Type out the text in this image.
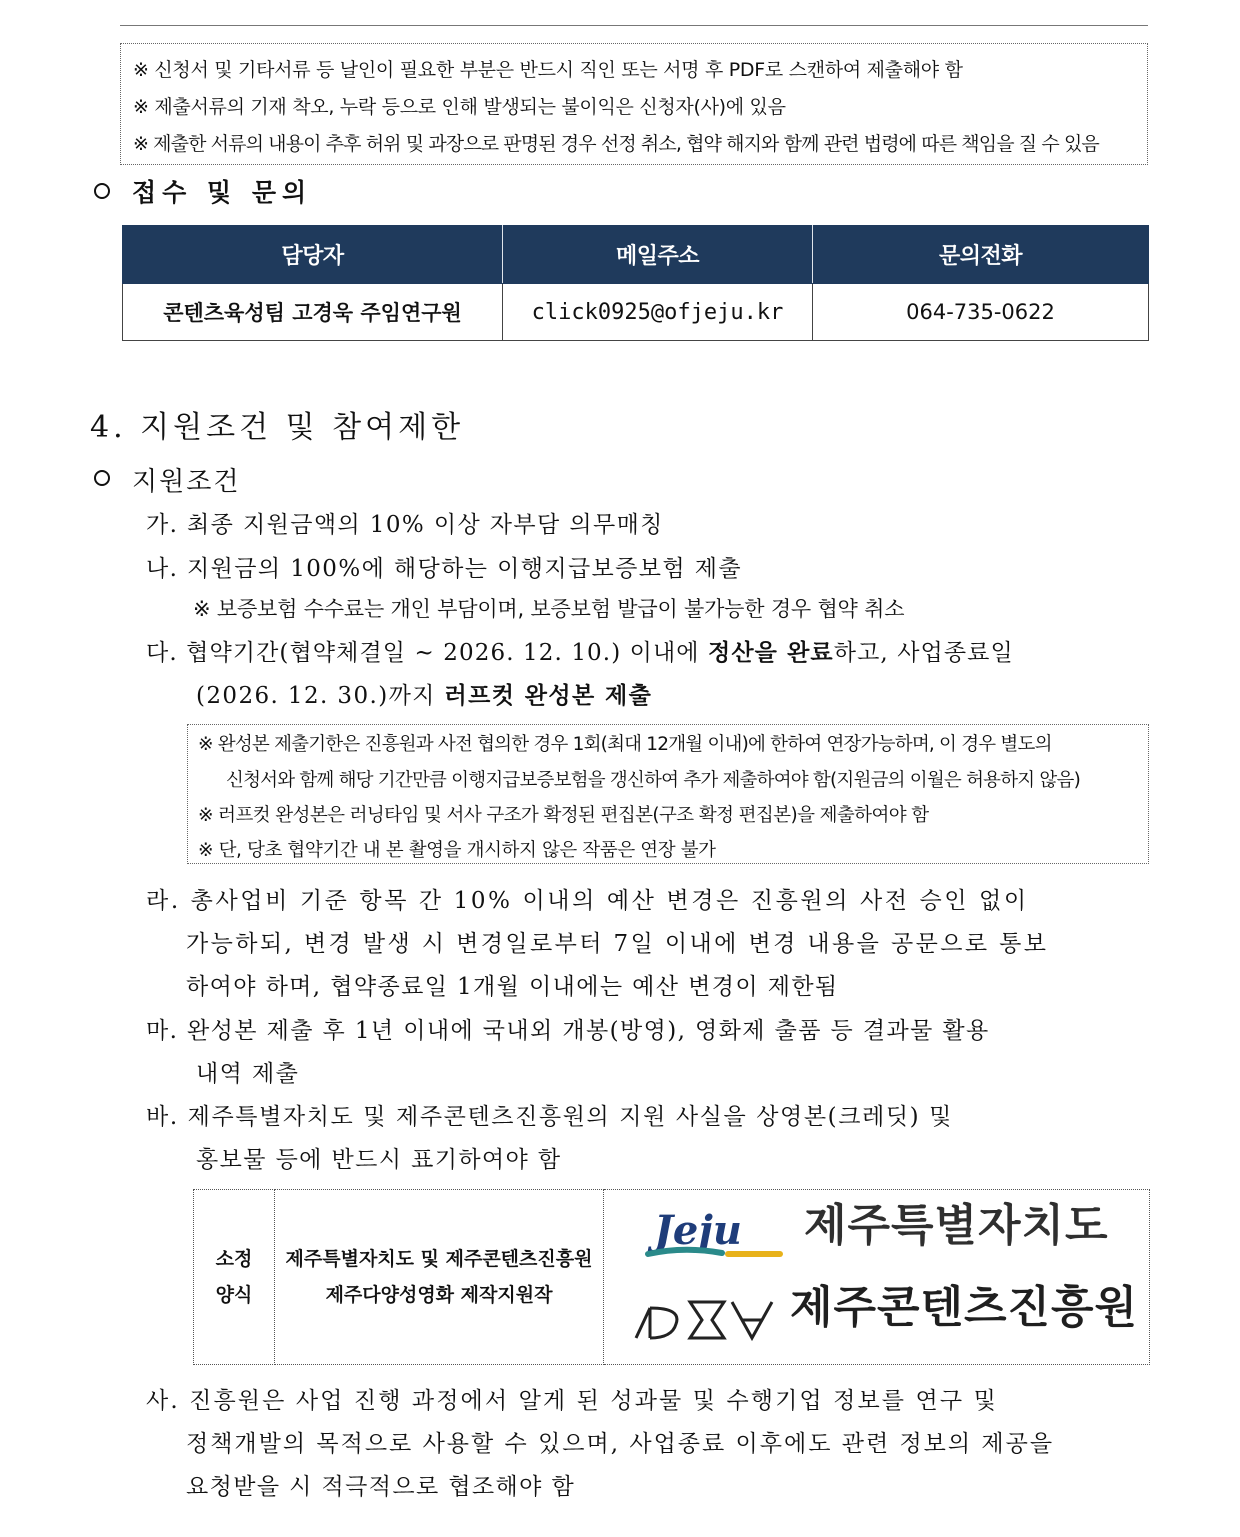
※ 신청서 및 기타서류 등 날인이 필요한 부분은 반드시 직인 또는 서명 후 PDF로 스캔하여 제출해야 함
※ 제출서류의 기재 착오, 누락 등으로 인해 발생되는 불이익은 신청자(사)에 있음
※ 제출한 서류의 내용이 추후 허위 및 과장으로 판명된 경우 선정 취소, 협약 해지와 함께 관련 법령에 따른 책임을 질 수 있음
접수 및 문의
담당자	메일주소	문의전화
콘텐츠육성팀 고경욱 주임연구원	click0925@ofjeju.kr	064-735-0622
4. 지원조건 및 참여제한
지원조건
가. 최종 지원금액의 10% 이상 자부담 의무매칭
나. 지원금의 100%에 해당하는 이행지급보증보험 제출
※ 보증보험 수수료는 개인 부담이며, 보증보험 발급이 불가능한 경우 협약 취소
다. 협약기간(협약체결일 ~ 2026. 12. 10.) 이내에 정산을 완료하고, 사업종료일
(2026. 12. 30.)까지 러프컷 완성본 제출
※ 완성본 제출기한은 진흥원과 사전 협의한 경우 1회(최대 12개월 이내)에 한하여 연장가능하며, 이 경우 별도의
신청서와 함께 해당 기간만큼 이행지급보증보험을 갱신하여 추가 제출하여야 함(지원금의 이월은 허용하지 않음)
※ 러프컷 완성본은 러닝타임 및 서사 구조가 확정된 편집본(구조 확정 편집본)을 제출하여야 함
※ 단, 당초 협약기간 내 본 촬영을 개시하지 않은 작품은 연장 불가
라. 총사업비 기준 항목 간 10% 이내의 예산 변경은 진흥원의 사전 승인 없이
가능하되, 변경 발생 시 변경일로부터 7일 이내에 변경 내용을 공문으로 통보
하여야 하며, 협약종료일 1개월 이내에는 예산 변경이 제한됨
마. 완성본 제출 후 1년 이내에 국내외 개봉(방영), 영화제 출품 등 결과물 활용
내역 제출
바. 제주특별자치도 및 제주콘텐츠진흥원의 지원 사실을 상영본(크레딧) 및
홍보물 등에 반드시 표기하여야 함
소정
양식

제주특별자치도 및 제주콘텐츠진흥원
제주다양성영화 제작지원작

Jeju 제주특별자치도
제주콘텐츠진흥원
사. 진흥원은 사업 진행 과정에서 알게 된 성과물 및 수행기업 정보를 연구 및
정책개발의 목적으로 사용할 수 있으며, 사업종료 이후에도 관련 정보의 제공을
요청받을 시 적극적으로 협조해야 함
